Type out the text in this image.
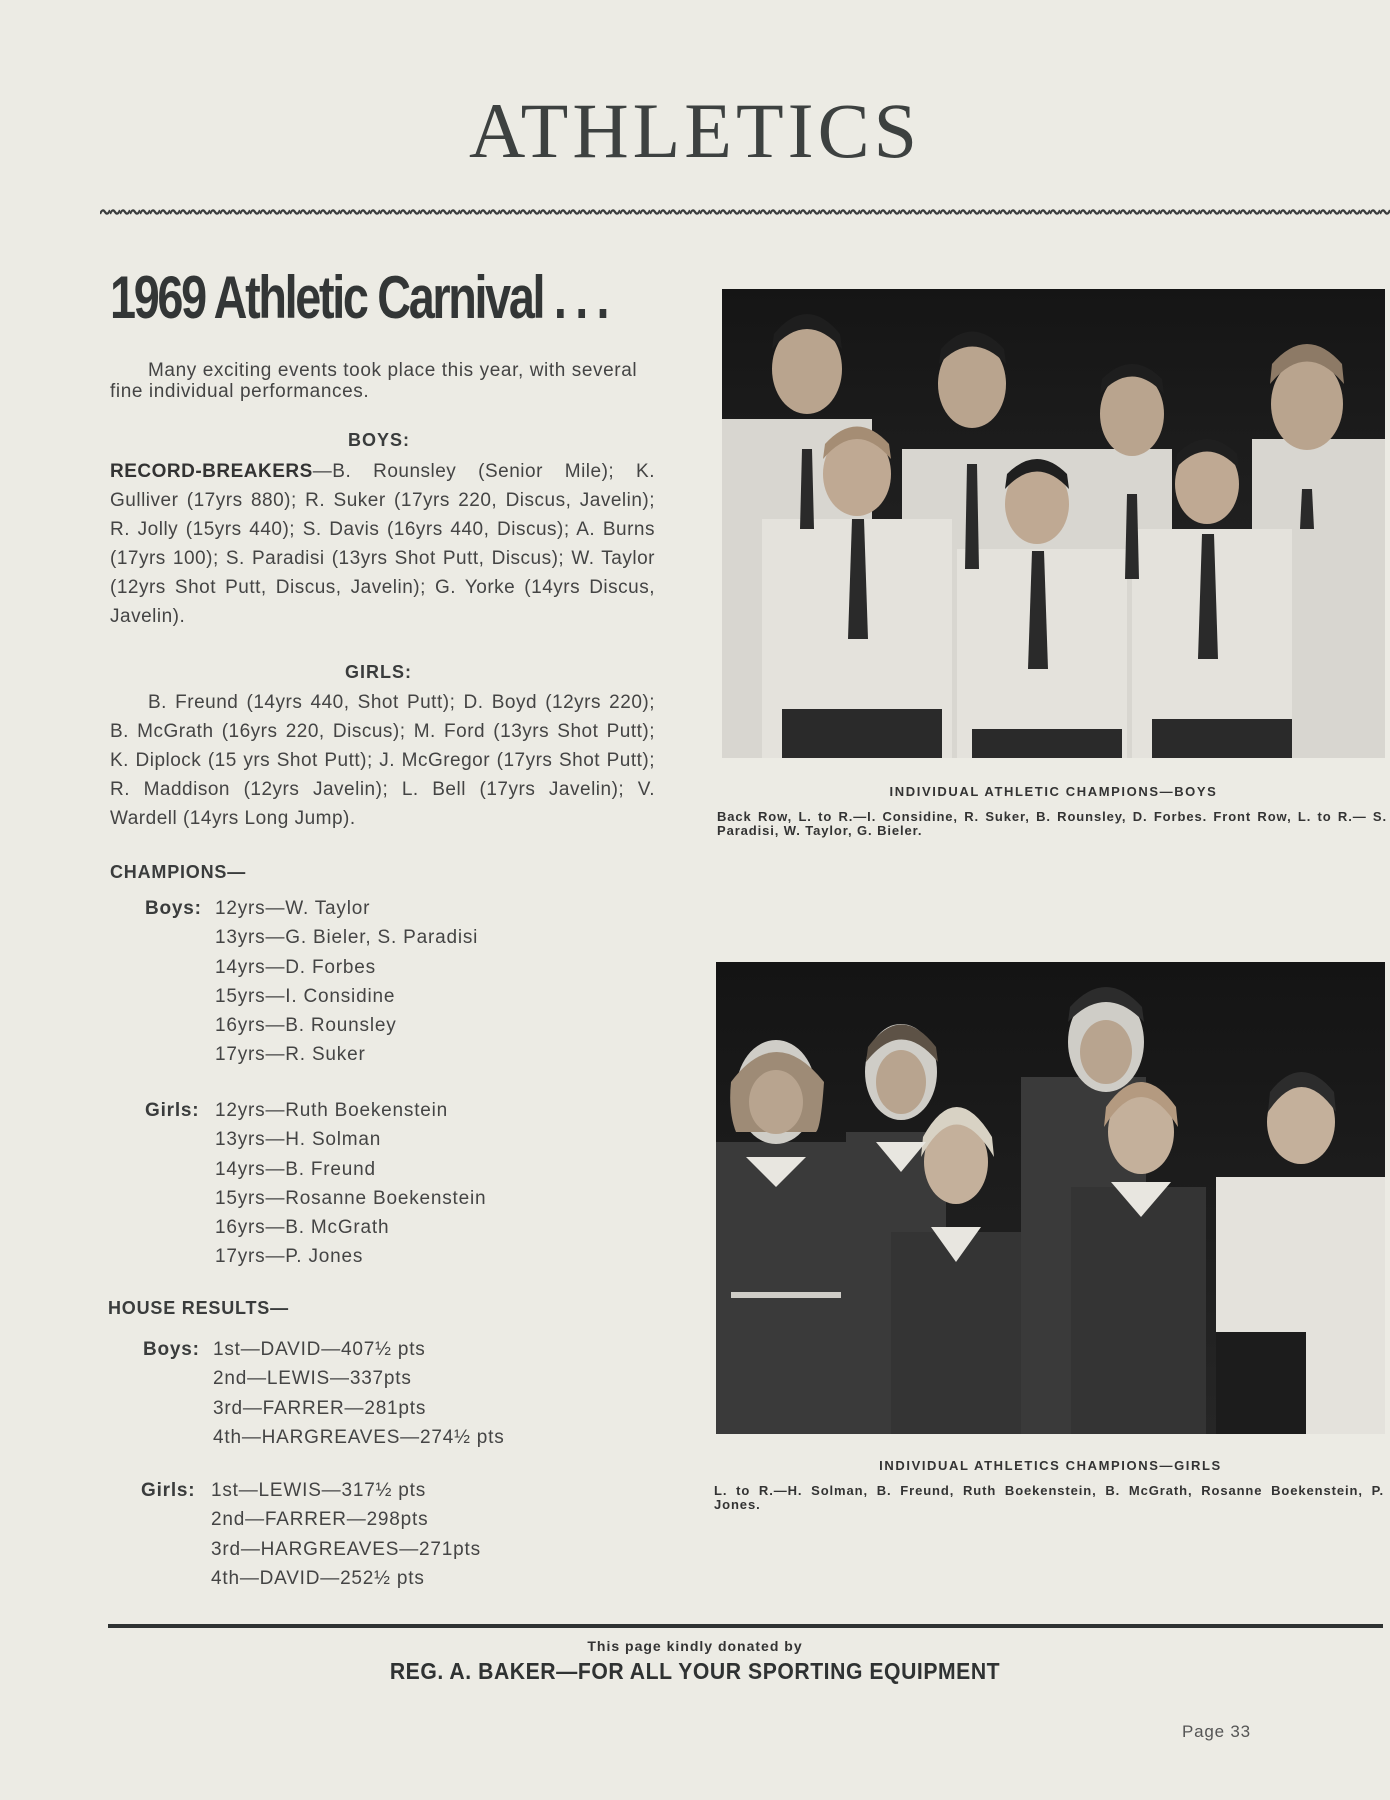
ATHLETICS
1969 Athletic Carnival . . .
Many exciting events took place this year, with several fine individual performances.
BOYS:
RECORD-BREAKERS—B. Rounsley (Senior Mile); K. Gulliver (17yrs 880); R. Suker (17yrs 220, Discus, Javelin); R. Jolly (15yrs 440); S. Davis (16yrs 440, Discus); A. Burns (17yrs 100); S. Paradisi (13yrs Shot Putt, Discus); W. Taylor (12yrs Shot Putt, Discus, Javelin); G. Yorke (14yrs Discus, Javelin).
GIRLS:
B. Freund (14yrs 440, Shot Putt); D. Boyd (12yrs 220); B. McGrath (16yrs 220, Discus); M. Ford (13yrs Shot Putt); K. Diplock (15 yrs Shot Putt); J. McGregor (17yrs Shot Putt); R. Maddison (12yrs Javelin); L. Bell (17yrs Javelin); V. Wardell (14yrs Long Jump).
CHAMPIONS—
Boys: 12yrs—W. Taylor
13yrs—G. Bieler, S. Paradisi
14yrs—D. Forbes
15yrs—I. Considine
16yrs—B. Rounsley
17yrs—R. Suker
Girls: 12yrs—Ruth Boekenstein
13yrs—H. Solman
14yrs—B. Freund
15yrs—Rosanne Boekenstein
16yrs—B. McGrath
17yrs—P. Jones
HOUSE RESULTS—
Boys: 1st—DAVID—407½ pts
2nd—LEWIS—337pts
3rd—FARRER—281pts
4th—HARGREAVES—274½ pts
Girls: 1st—LEWIS—317½ pts
2nd—FARRER—298pts
3rd—HARGREAVES—271pts
4th—DAVID—252½ pts
INDIVIDUAL ATHLETIC CHAMPIONS—BOYS
Back Row, L. to R.—I. Considine, R. Suker, B. Rounsley, D. Forbes. Front Row, L. to R.— S. Paradisi, W. Taylor, G. Bieler.
INDIVIDUAL ATHLETICS CHAMPIONS—GIRLS
L. to R.—H. Solman, B. Freund, Ruth Boekenstein, B. McGrath, Rosanne Boekenstein, P. Jones.
This page kindly donated by
REG. A. BAKER—FOR ALL YOUR SPORTING EQUIPMENT
Page 33
